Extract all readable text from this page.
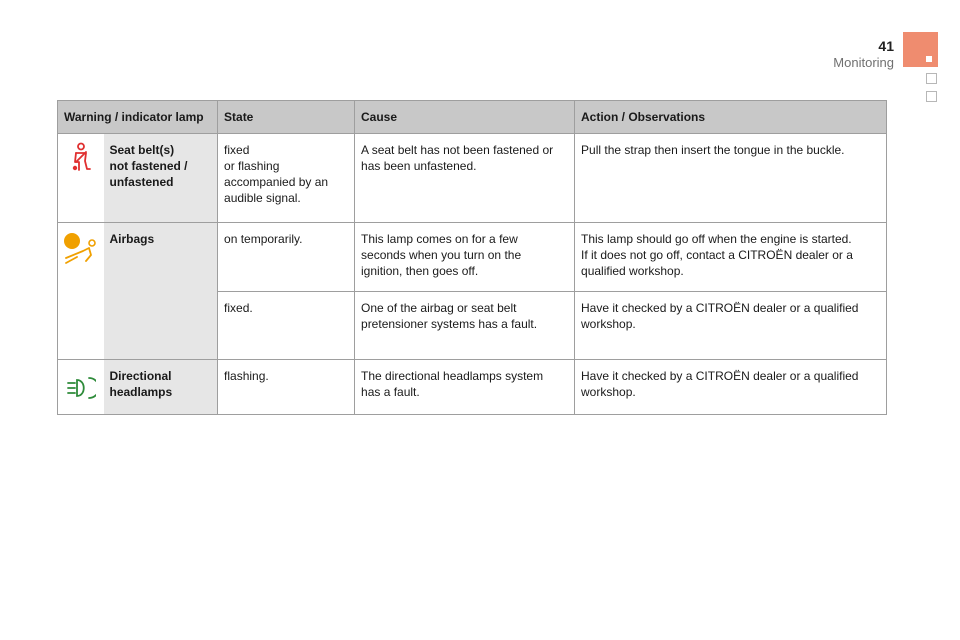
41
Monitoring
Warning / indicator lamp		State	Cause	Action / Observations

	Seat belt(s)
not fastened /
unfastened	fixed
or flashing
accompanied by an
audible signal.	A seat belt has not been fastened or
has been unfastened.	Pull the strap then insert the tongue in the buckle.

	Airbags	on temporarily.	This lamp comes on for a few
seconds when you turn on the
ignition, then goes off.	This lamp should go off when the engine is started.
If it does not go off, contact a CITROËN dealer or a
qualified workshop.
		fixed.	One of the airbag or seat belt
pretensioner systems has a fault.	Have it checked by a CITROËN dealer or a qualified
workshop.

	Directional
headlamps	flashing.	The directional headlamps system
has a fault.	Have it checked by a CITROËN dealer or a qualified
workshop.
